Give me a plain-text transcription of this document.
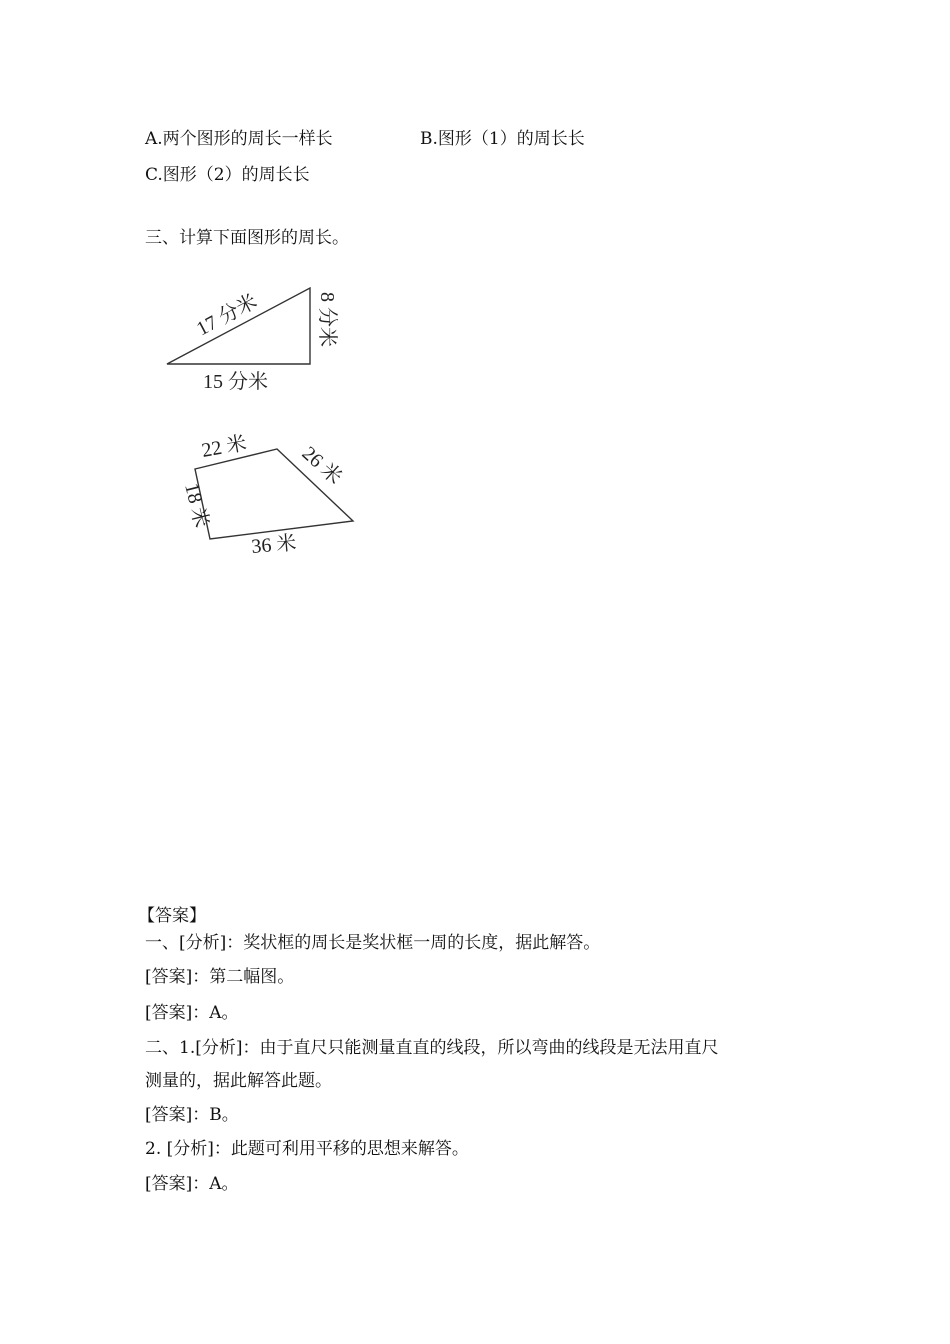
A.两个图形的周长一样长	B.图形（1）的周长长
C.图形（2）的周长长
三、计算下面图形的周长。
17 分米	8 分米
15 分米
22 米 26 米
18 米
36 米
【答案】
一、[分析]：奖状框的周长是奖状框一周的长度，据此解答。
[答案]：第二幅图。
[答案]：A。
二、1.[分析]：由于直尺只能测量直直的线段，所以弯曲的线段是无法用直尺
测量的，据此解答此题。
[答案]：B。
2. [分析]：此题可利用平移的思想来解答。
[答案]：A。
